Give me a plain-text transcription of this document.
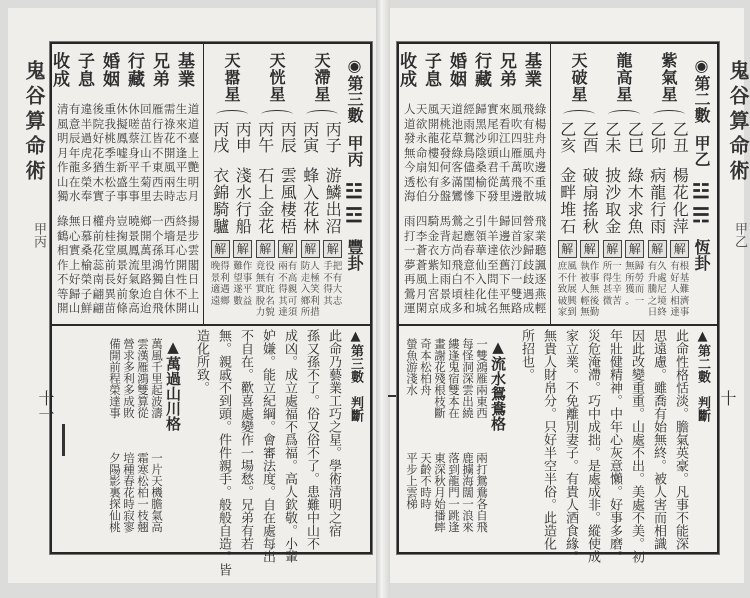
鬼谷算命術
甲丙
十一
基業
兄弟
行藏
婚姻
子息
收成
清有違後重休休回雁需生道
風意半院我擬嗟苗行祿來道
明辰過好桃鳳蔡江皆花不臺
月年虎花季嘘身山不開逢上
作龍多猶生新平千東風平艷
山在榮木松盛生菊西兩生明
獨水奉實子事事里去時志月
綠無日權舟豈曉鄉一西終揚
鶴心慕前桂掬景開个墻是步
相實桑花堂風鳳萬孫耳心雲
作上榆蕊前景流里鴻竹開閣
不好榮南長好氣路獨自性日
等歸子翩異前象迨自休不上
開山鮮翩苗條高迨飛休開山
◉第三數甲丙☳☲豐卦
天滯星
丙子
游鱗出沼
解
手把
不有
得大
其志
丙寅
蜂入花林
解
防人
走極
入笑
鄉利
所措
天恍星
丙辰
雲風棲梧
解
兩有
不高
得親
其可
達須
丙午
石上金花
解
竟役
無有
實庇
脫名
力貌
天嚣星
丙申
淺水行船
解
難作
望事
遂平
數益
丙戌
衣錦騎驢
解
晚得
景利
適遇
遠鄉
▲第三數　判斷
此命乃藝業工巧之星。學術清明之宿
孫又孫不了。俗又俗不了。患難中山不
成凶。成立處福不爲福。高人欽敬。小輩
妒嫌。能立紀綱。會審法度。自在處每出
不自在。歡喜處變作一場愁。兄弟有若
無。親戚不到頭。件件親手。般般自造。皆
造化所致。
▲萬過山川格
萬風千里起波濤
雲漢雁鴻雙算從
營求多利多成敗
備開前程榮達事
一片天機膽氣高
霜寒松柏一枝翹
培種春花時寂寥
夕陽影裏探仙桃
鬼谷算命術
甲乙
十
基業
兄弟
行藏
婚姻
子息
收成
人天風天道經歸實來風飛綠
道欲開桃池雨黑尾看吹有楊
發永龍花草鴛沙卯江四驻舟
無命樓發綠鳥陰頭山雁風舟
今扇知何客儘桑君千萬吹邊
透松有多滿閨榆從萬飛不重
海伯分盤鸞慘下發里邊散城
雨四騎馬鶯之引牛歸回營飛
打李金背起應領羊邊首家業
一蒼衣方尚春華達依沙歸聽
夢蒼紫知飛意仙至舊汀歧諷
再風上雨白不入問下一歧逐
鶯月宮景頃桂化佳平雙遇燕
運閑京成多和城名無路成輕
◉第二數甲乙☳☴恆卦
紫氣星
乙丑
楊花化萍
解
有根
好基
人難
相濟
達事
乙卯
病龍行雨
解
有久
升處
騰尼
之境
日終
龍高星
乙巳
綠木求魚
解
無歸
所勞
獲而
。一
乙未
披沙取金
解
所一
得生
甚辛
微苦
天破星
乙酉
破扇搖秋
解
執作
被事
人無
輕後
無勤
乙亥
金畔堆石
解
庶風
不什
致展
破興
家到
▲第二數　判斷
此命性格恬淡。膽氣英豪。凡事不能深
思遠慮。雖喬有始無終。被人害而相識
因此改變重重。山處不出。美處不美。初
年壯健精神。中年心灰意懶。好事多磨。
災危淹滯。巧中成拙。是處成非。縱使成
家立業。不免離別妻子。有貴人酒食緣。
無貴人財帛分。只好半空半俗。此造化
所招也。
▲流水鴛鴦格
一雙鴻雁兩東西
每怪洞深雲出繞
縷逢鬼宿雙本在
畫謝花殘根枝斷
奇本松柏舟
螢魚游淺水
兩打鴛鴦各自飛
鹿擄海闊一浪來
落到龍門一跳逢
東深秋月始播蟀
天齡不時時
平步上雲梯
